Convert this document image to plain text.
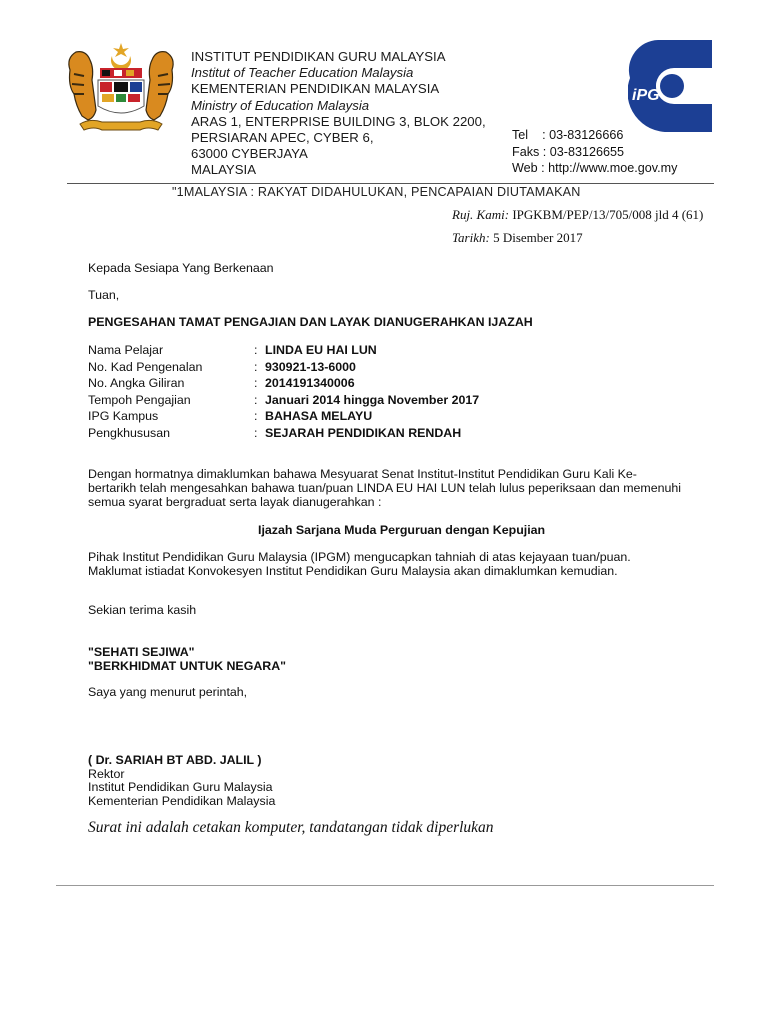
INSTITUT PENDIDIKAN GURU MALAYSIA
Institut of Teacher Education Malaysia
KEMENTERIAN PENDIDIKAN MALAYSIA
Ministry of Education Malaysia
ARAS 1, ENTERPRISE BUILDING 3, BLOK 2200,
PERSIARAN APEC, CYBER 6,
63000 CYBERJAYA
MALAYSIA
iPG
Tel    : 03-83126666
Faks : 03-83126655
Web : http://www.moe.gov.my
"1MALAYSIA : RAKYAT DIDAHULUKAN, PENCAPAIAN DIUTAMAKAN
Ruj. Kami: IPGKBM/PEP/13/705/008 jld 4 (61)
Tarikh: 5 Disember 2017
Kepada Sesiapa Yang Berkenaan
Tuan,
PENGESAHAN TAMAT PENGAJIAN DAN LAYAK DIANUGERAHKAN IJAZAH
Nama Pelajar	: LINDA EU HAI LUN
No. Kad Pengenalan	: 930921-13-6000
No. Angka Giliran	: 2014191340006
Tempoh Pengajian	: Januari 2014 hingga November 2017
IPG Kampus	: BAHASA MELAYU
Pengkhususan	: SEJARAH PENDIDIKAN RENDAH
Dengan hormatnya dimaklumkan bahawa Mesyuarat Senat Institut-Institut Pendidikan Guru Kali Ke-
bertarikh telah mengesahkan bahawa tuan/puan LINDA EU HAI LUN telah lulus peperiksaan dan memenuhi
semua syarat bergraduat serta layak dianugerahkan :
Ijazah Sarjana Muda Perguruan dengan Kepujian
Pihak Institut Pendidikan Guru Malaysia (IPGM) mengucapkan tahniah di atas kejayaan tuan/puan.
Maklumat istiadat Konvokesyen Institut Pendidikan Guru Malaysia akan dimaklumkan kemudian.
Sekian terima kasih
"SEHATI SEJIWA"
"BERKHIDMAT UNTUK NEGARA"
Saya yang menurut perintah,
( Dr. SARIAH BT ABD. JALIL )
Rektor
Institut Pendidikan Guru Malaysia
Kementerian Pendidikan Malaysia
Surat ini adalah cetakan komputer, tandatangan tidak diperlukan
